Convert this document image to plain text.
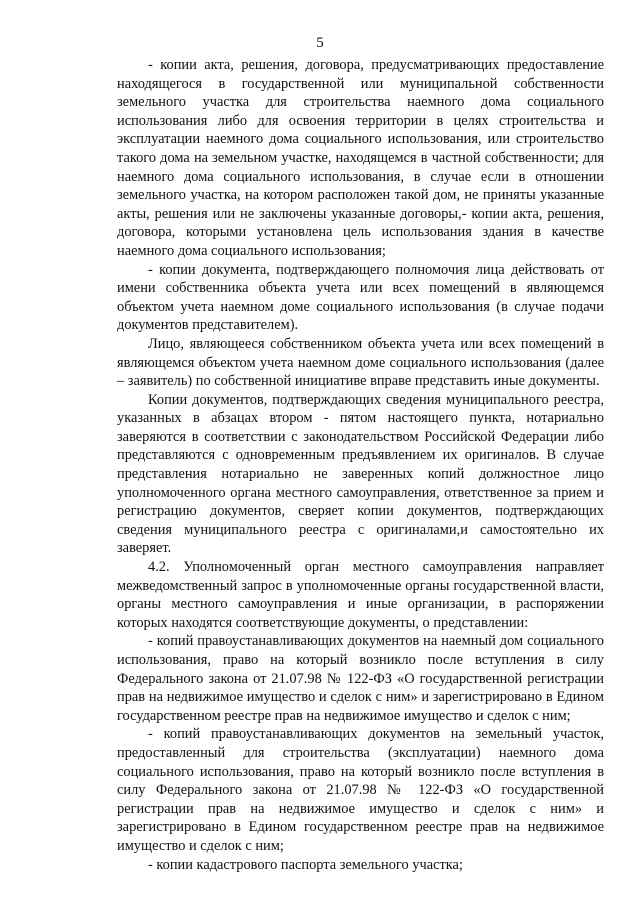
5

- копии акта, решения, договора, предусматривающих предоставление находящегося в государственной или муниципальной собственности земельного участка для строительства наемного дома социального использования либо для освоения территории в целях строительства и эксплуатации наемного дома социального использования, или строительство такого дома на земельном участке, находящемся в частной собственности; для наемного дома социального использования, в случае если в отношении земельного участка, на котором расположен такой дом, не приняты указанные акты, решения или не заключены указанные договоры,- копии акта, решения, договора, которыми установлена цель использования здания в качестве наемного дома социального использования;

- копии документа, подтверждающего полномочия лица действовать от имени собственника объекта учета или всех помещений в являющемся объектом учета наемном доме социального использования (в случае подачи документов представителем).

Лицо, являющееся собственником объекта учета или всех помещений в являющемся объектом учета наемном доме социального использования (далее – заявитель) по собственной инициативе вправе представить иные документы.

Копии документов, подтверждающих сведения муниципального реестра, указанных в абзацах втором - пятом настоящего пункта, нотариально заверяются в соответствии с законодательством Российской Федерации либо представляются с одновременным предъявлением их оригиналов. В случае представления нотариально не заверенных копий должностное лицо уполномоченного органа местного самоуправления, ответственное за прием и регистрацию документов, сверяет копии документов, подтверждающих сведения муниципального реестра с оригиналами,и самостоятельно их заверяет.

4.2. Уполномоченный орган местного самоуправления направляет межведомственный запрос в уполномоченные органы государственной власти, органы местного самоуправления и иные организации, в распоряжении которых находятся соответствующие документы, о представлении:

- копий правоустанавливающих документов на наемный дом социального использования, право на который возникло после вступления в силу Федерального закона от 21.07.98 № 122-ФЗ «О государственной регистрации прав на недвижимое имущество и сделок с ним» и зарегистрировано в Едином государственном реестре прав на недвижимое имущество и сделок с ним;

- копий правоустанавливающих документов на земельный участок, предоставленный для строительства (эксплуатации) наемного дома социального использования, право на который возникло после вступления в силу Федерального закона от 21.07.98 № 122-ФЗ «О государственной регистрации прав на недвижимое имущество и сделок с ним» и зарегистрировано в Едином государственном реестре прав на недвижимое имущество и сделок с ним;

- копии кадастрового паспорта земельного участка;
